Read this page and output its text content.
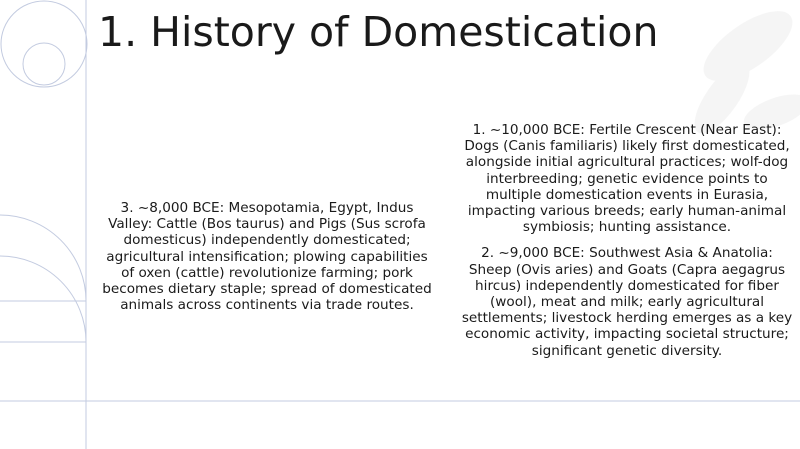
1. History of Domestication

3. ~8,000 BCE: Mesopotamia, Egypt, Indus Valley: Cattle (Bos taurus) and Pigs (Sus scrofa domesticus) independently domesticated; agricultural intensification; plowing capabilities of oxen (cattle) revolutionize farming; pork becomes dietary staple; spread of domesticated animals across continents via trade routes.

1. ~10,000 BCE: Fertile Crescent (Near East): Dogs (Canis familiaris) likely first domesticated, alongside initial agricultural practices; wolf-dog interbreeding; genetic evidence points to multiple domestication events in Eurasia, impacting various breeds; early human-animal symbiosis; hunting assistance.

2. ~9,000 BCE: Southwest Asia & Anatolia: Sheep (Ovis aries) and Goats (Capra aegagrus hircus) independently domesticated for fiber (wool), meat and milk; early agricultural settlements; livestock herding emerges as a key economic activity, impacting societal structure; significant genetic diversity.
